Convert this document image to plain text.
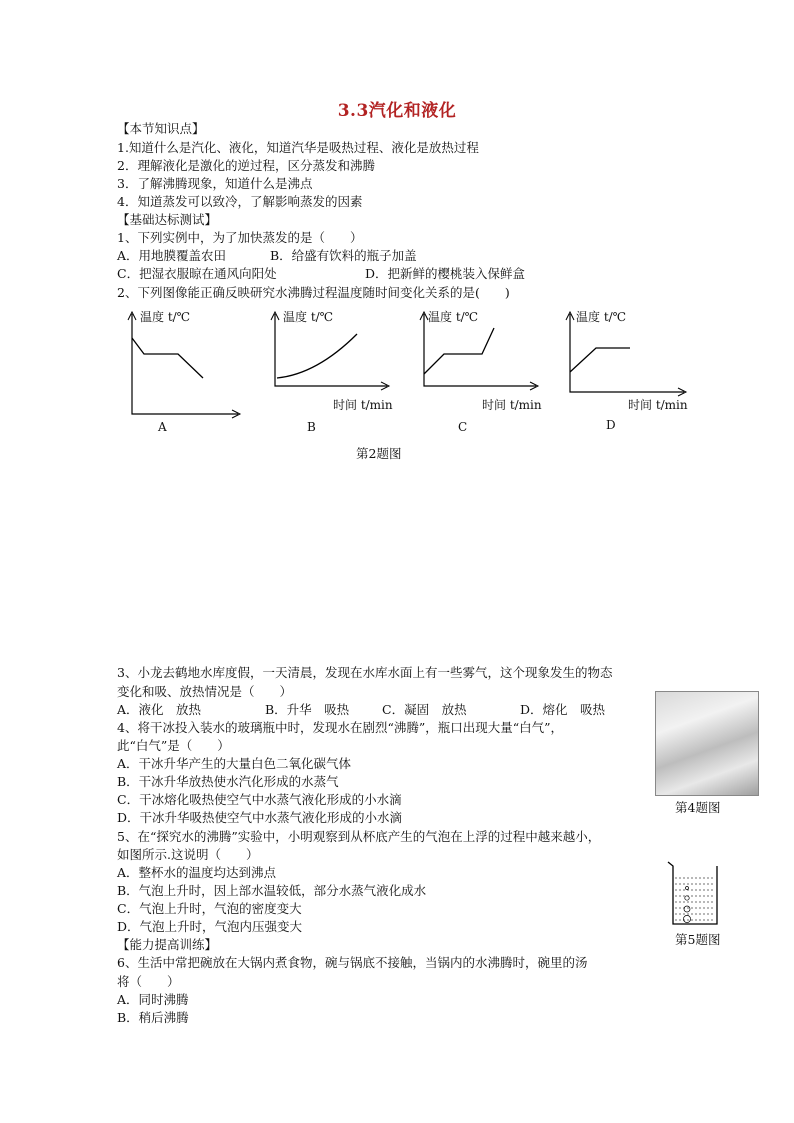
3.3汽化和液化
【本节知识点】
1.知道什么是汽化、液化，知道汽华是吸热过程、液化是放热过程
2．理解液化是激化的逆过程，区分蒸发和沸腾
3．了解沸腾现象，知道什么是沸点
4．知道蒸发可以致冷，了解影响蒸发的因素
【基础达标测试】
1、下列实例中，为了加快蒸发的是（　　）
A．用地膜覆盖农田	B．给盛有饮料的瓶子加盖
C．把湿衣服晾在通风向阳处	D．把新鲜的樱桃装入保鲜盒
2、下列图像能正确反映研究水沸腾过程温度随时间变化关系的是(　　)
温度 t/℃
A
温度 t/℃
时间 t/min
B
温度 t/℃
时间 t/min
C
温度 t/℃
时间 t/min
D
第2题图
3、小龙去鹤地水库度假，一天清晨，发现在水库水面上有一些雾气，这个现象发生的物态
变化和吸、放热情况是（　　）
A．液化　放热	B．升华　吸热	C．凝固　放热	D．熔化　吸热
4、将干冰投入装水的玻璃瓶中时，发现水在剧烈“沸腾”，瓶口出现大量“白气”，
此“白气”是（　　）
A．干冰升华产生的大量白色二氧化碳气体
B．干冰升华放热使水汽化形成的水蒸气
C．干冰熔化吸热使空气中水蒸气液化形成的小水滴
D．干冰升华吸热使空气中水蒸气液化形成的小水滴
第4题图
5、在“探究水的沸腾”实验中，小明观察到从杯底产生的气泡在上浮的过程中越来越小，
如图所示.这说明（　　）
A．整杯水的温度均达到沸点
B．气泡上升时，因上部水温较低，部分水蒸气液化成水
C．气泡上升时，气泡的密度变大
D．气泡上升时，气泡内压强变大
第5题图
【能力提高训练】
6、生活中常把碗放在大锅内煮食物，碗与锅底不接触，当锅内的水沸腾时，碗里的汤
将（　　）
A．同时沸腾
B．稍后沸腾
